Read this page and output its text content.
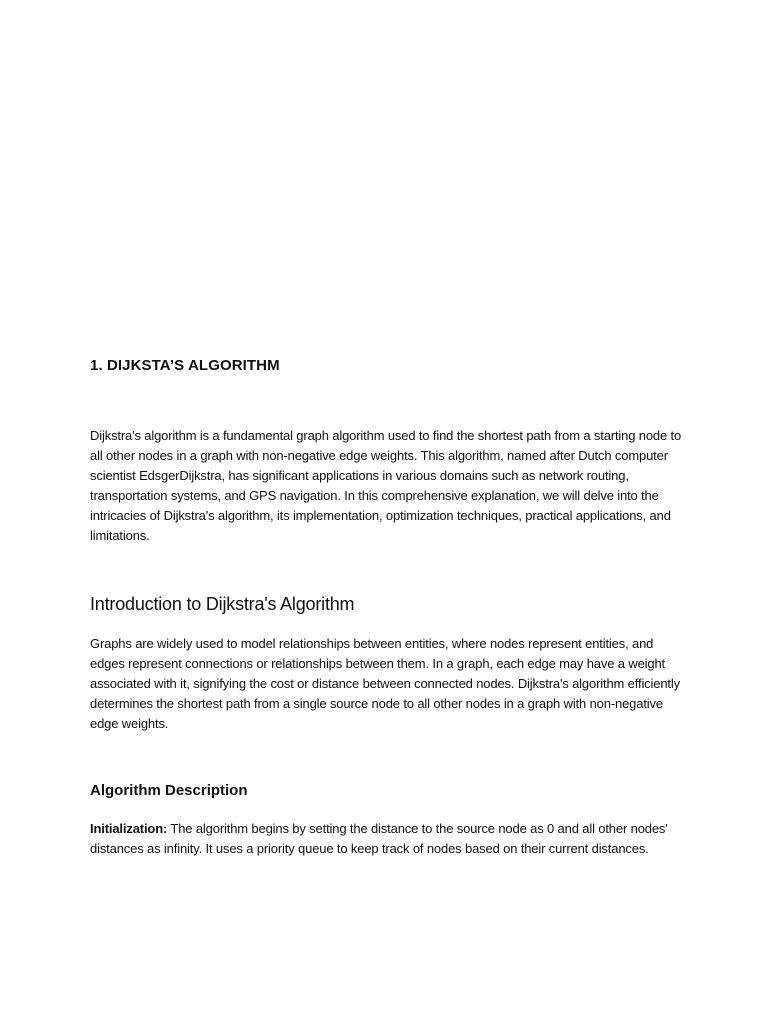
1. DIJKSTA’S ALGORITHM

Dijkstra's algorithm is a fundamental graph algorithm used to find the shortest path from a starting node to all other nodes in a graph with non-negative edge weights. This algorithm, named after Dutch computer scientist EdsgerDijkstra, has significant applications in various domains such as network routing, transportation systems, and GPS navigation. In this comprehensive explanation, we will delve into the intricacies of Dijkstra's algorithm, its implementation, optimization techniques, practical applications, and limitations.

Introduction to Dijkstra's Algorithm

Graphs are widely used to model relationships between entities, where nodes represent entities, and edges represent connections or relationships between them. In a graph, each edge may have a weight associated with it, signifying the cost or distance between connected nodes. Dijkstra's algorithm efficiently determines the shortest path from a single source node to all other nodes in a graph with non-negative edge weights.

Algorithm Description

Initialization: The algorithm begins by setting the distance to the source node as 0 and all other nodes' distances as infinity. It uses a priority queue to keep track of nodes based on their current distances.
